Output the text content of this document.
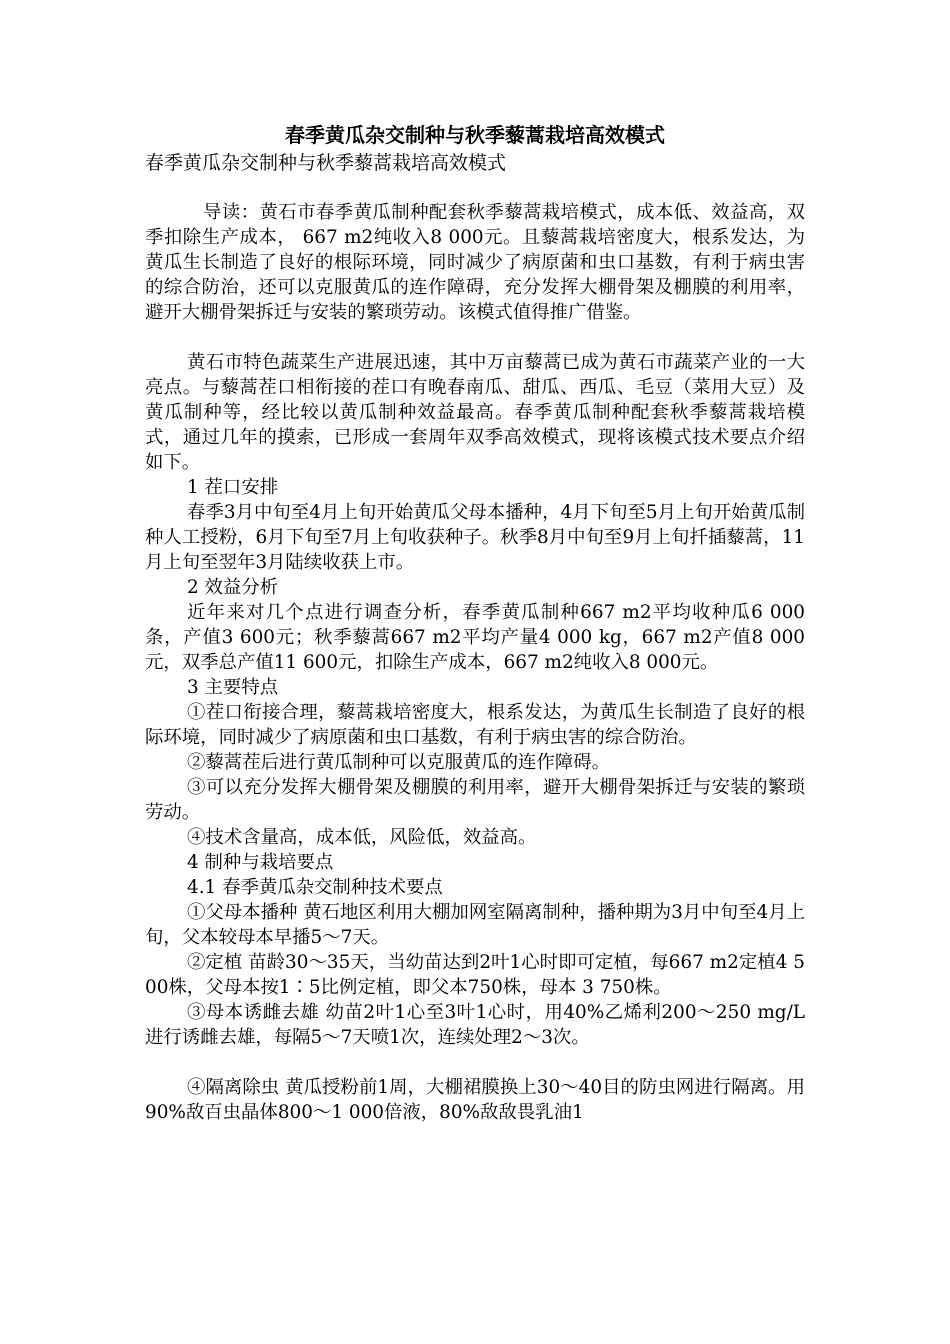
春季黄瓜杂交制种与秋季藜蒿栽培高效模式

春季黄瓜杂交制种与秋季藜蒿栽培高效模式

导读：黄石市春季黄瓜制种配套秋季藜蒿栽培模式，成本低、效益高，双季扣除生产成本， 667 m2纯收入8 000元。且藜蒿栽培密度大，根系发达，为黄瓜生长制造了良好的根际环境，同时减少了病原菌和虫口基数，有利于病虫害的综合防治，还可以克服黄瓜的连作障碍，充分发挥大棚骨架及棚膜的利用率，避开大棚骨架拆迁与安装的繁琐劳动。该模式值得推广借鉴。

黄石市特色蔬菜生产进展迅速，其中万亩藜蒿已成为黄石市蔬菜产业的一大亮点。与藜蒿茬口相衔接的茬口有晚春南瓜、甜瓜、西瓜、毛豆（菜用大豆）及黄瓜制种等，经比较以黄瓜制种效益最高。春季黄瓜制种配套秋季藜蒿栽培模式，通过几年的摸索，已形成一套周年双季高效模式，现将该模式技术要点介绍如下。

1 茬口安排

春季3月中旬至4月上旬开始黄瓜父母本播种，4月下旬至5月上旬开始黄瓜制种人工授粉，6月下旬至7月上旬收获种子。秋季8月中旬至9月上旬扦插藜蒿，11月上旬至翌年3月陆续收获上市。

2 效益分析

近年来对几个点进行调查分析，春季黄瓜制种667 m2平均收种瓜6 000条，产值3 600元；秋季藜蒿667 m2平均产量4 000 kg，667 m2产值8 000元，双季总产值11 600元，扣除生产成本，667 m2纯收入8 000元。

3 主要特点

①茬口衔接合理，藜蒿栽培密度大，根系发达，为黄瓜生长制造了良好的根际环境，同时减少了病原菌和虫口基数，有利于病虫害的综合防治。

②藜蒿茬后进行黄瓜制种可以克服黄瓜的连作障碍。

③可以充分发挥大棚骨架及棚膜的利用率，避开大棚骨架拆迁与安装的繁琐劳动。

④技术含量高，成本低，风险低，效益高。

4 制种与栽培要点

4.1 春季黄瓜杂交制种技术要点

①父母本播种 黄石地区利用大棚加网室隔离制种，播种期为3月中旬至4月上旬，父本较母本早播5～7天。

②定植 苗龄30～35天，当幼苗达到2叶1心时即可定植，每667 m2定植4 500株，父母本按1∶5比例定植，即父本750株，母本 3 750株。

③母本诱雌去雄 幼苗2叶1心至3叶1心时，用40%乙烯利200～250 mg/L进行诱雌去雄，每隔5～7天喷1次，连续处理2～3次。

④隔离除虫 黄瓜授粉前1周，大棚裙膜换上30～40目的防虫网进行隔离。用90%敌百虫晶体800～1 000倍液，80%敌敌畏乳油1
